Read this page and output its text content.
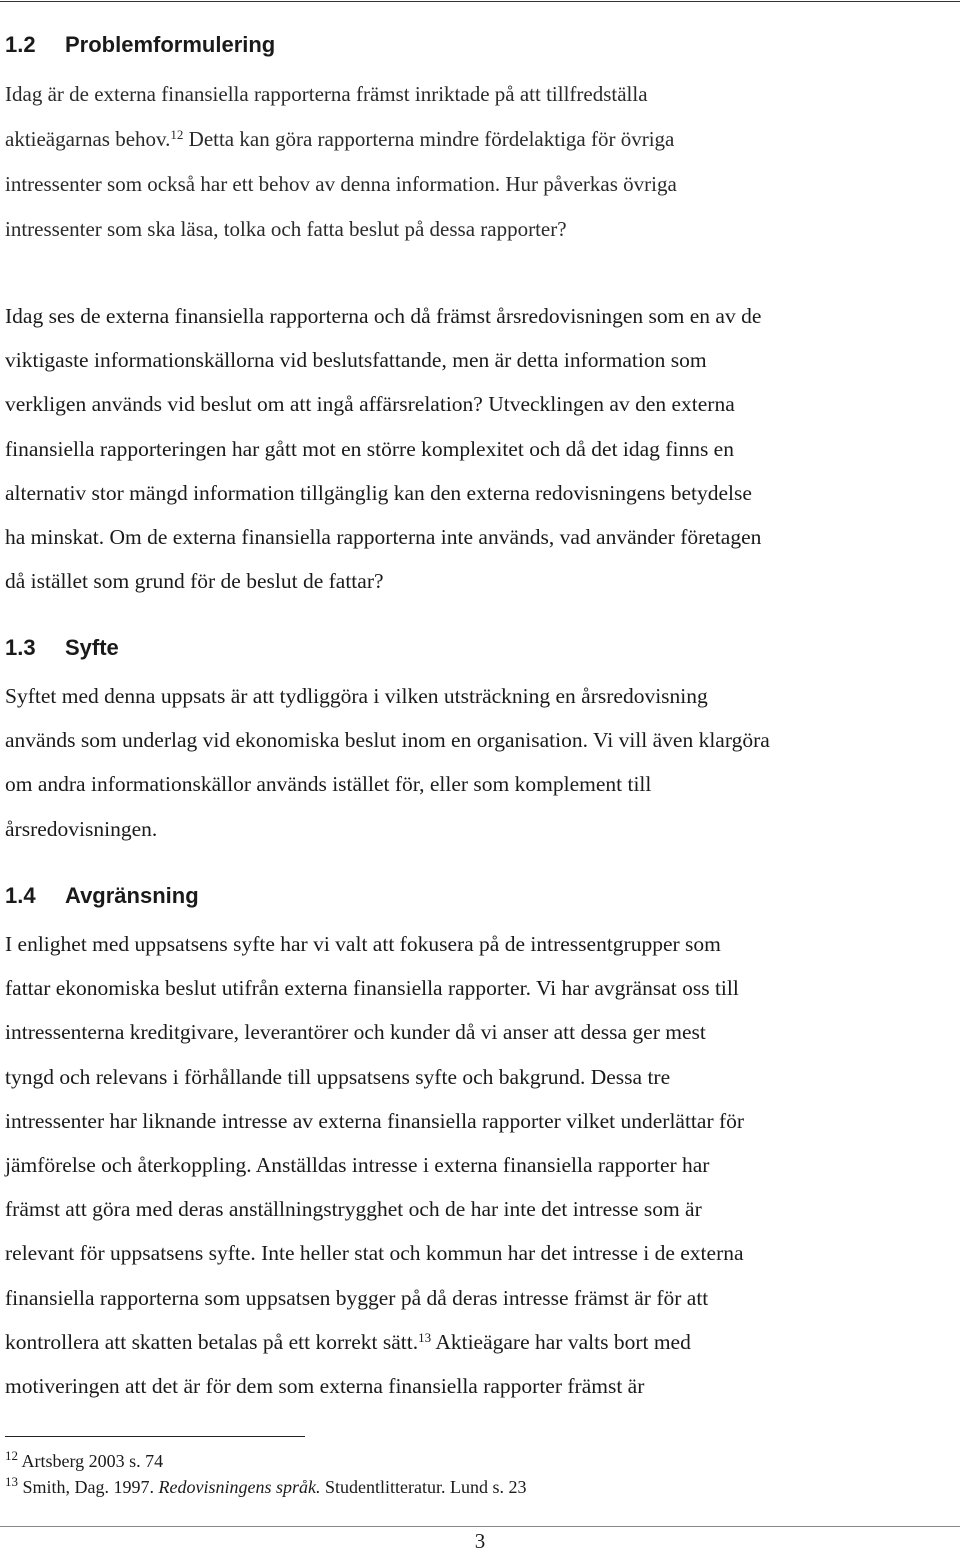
1.2 Problemformulering

Idag är de externa finansiella rapporterna främst inriktade på att tillfredställa
aktieägarnas behov.$^{12}$ Detta kan göra rapporterna mindre fördelaktiga för övriga
intressenter som också har ett behov av denna information. Hur påverkas övriga
intressenter som ska läsa, tolka och fatta beslut på dessa rapporter?

Idag ses de externa finansiella rapporterna och då främst årsredovisningen som en av de
viktigaste informationskällorna vid beslutsfattande, men är detta information som
verkligen används vid beslut om att ingå affärsrelation? Utvecklingen av den externa
finansiella rapporteringen har gått mot en större komplexitet och då det idag finns en
alternativ stor mängd information tillgänglig kan den externa redovisningens betydelse
ha minskat. Om de externa finansiella rapporterna inte används, vad använder företagen
då istället som grund för de beslut de fattar?

1.3 Syfte

Syftet med denna uppsats är att tydliggöra i vilken utsträckning en årsredovisning
används som underlag vid ekonomiska beslut inom en organisation. Vi vill även klargöra
om andra informationskällor används istället för, eller som komplement till
årsredovisningen.

1.4 Avgränsning

I enlighet med uppsatsens syfte har vi valt att fokusera på de intressentgrupper som
fattar ekonomiska beslut utifrån externa finansiella rapporter. Vi har avgränsat oss till
intressenterna kreditgivare, leverantörer och kunder då vi anser att dessa ger mest
tyngd och relevans i förhållande till uppsatsens syfte och bakgrund. Dessa tre
intressenter har liknande intresse av externa finansiella rapporter vilket underlättar för
jämförelse och återkoppling. Anställdas intresse i externa finansiella rapporter har
främst att göra med deras anställningstrygghet och de har inte det intresse som är
relevant för uppsatsens syfte. Inte heller stat och kommun har det intresse i de externa
finansiella rapporterna som uppsatsen bygger på då deras intresse främst är för att
kontrollera att skatten betalas på ett korrekt sätt.$^{13}$ Aktieägare har valts bort med
motiveringen att det är för dem som externa finansiella rapporter främst är

$^{12}$ Artsberg 2003 s. 74
$^{13}$ Smith, Dag. 1997. Redovisningens språk. Studentlitteratur. Lund s. 23
3
